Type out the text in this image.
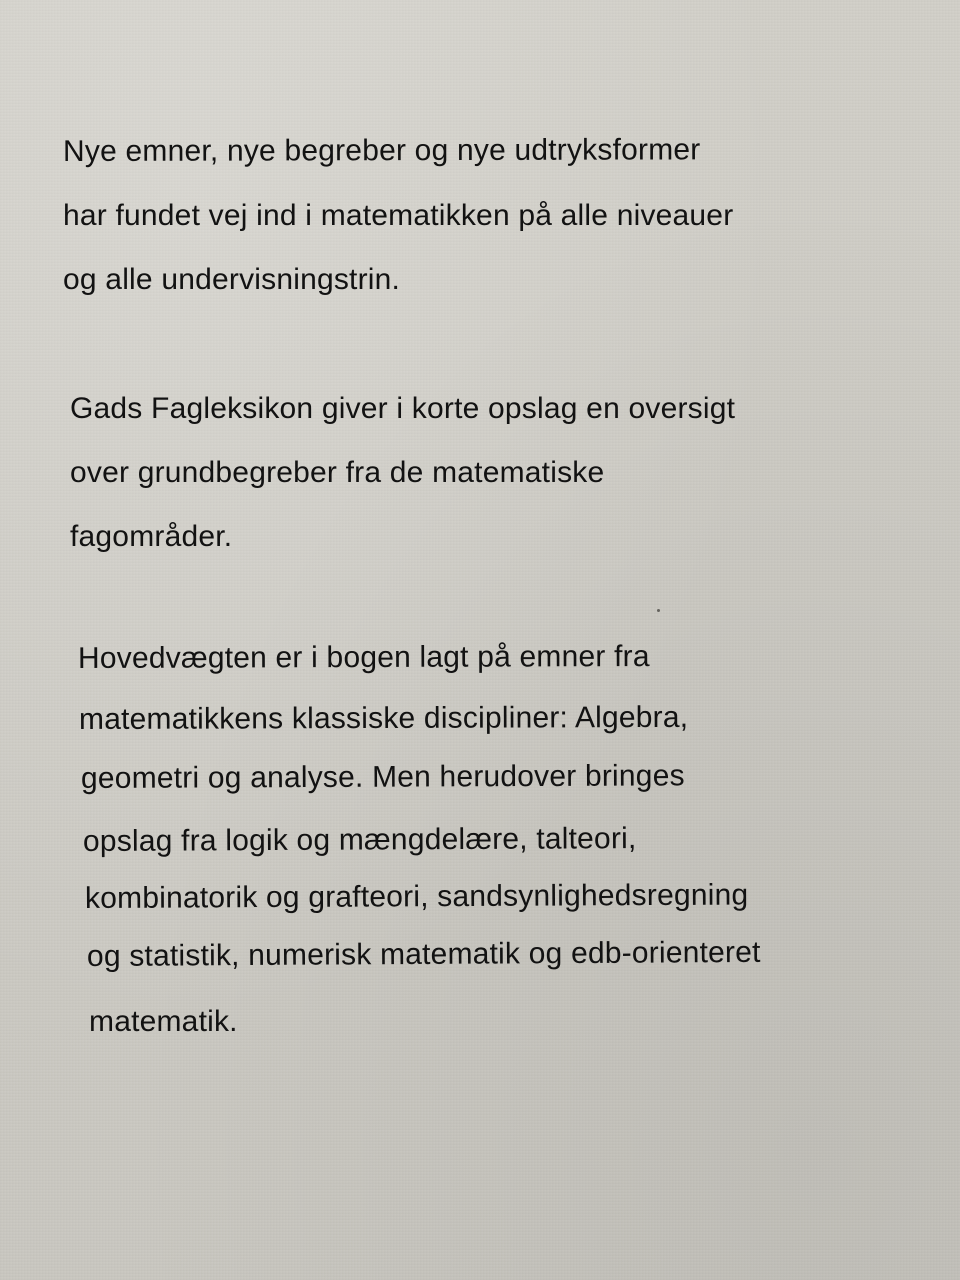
Nye emner, nye begreber og nye udtryksformer

har fundet vej ind i matematikken på alle niveauer

og alle undervisningstrin.

Gads Fagleksikon giver i korte opslag en oversigt

over grundbegreber fra de matematiske

fagområder.

Hovedvægten er i bogen lagt på emner fra

matematikkens klassiske discipliner: Algebra,

geometri og analyse. Men herudover bringes

opslag fra logik og mængdelære, talteori,

kombinatorik og grafteori, sandsynlighedsregning

og statistik, numerisk matematik og edb-orienteret

matematik.
